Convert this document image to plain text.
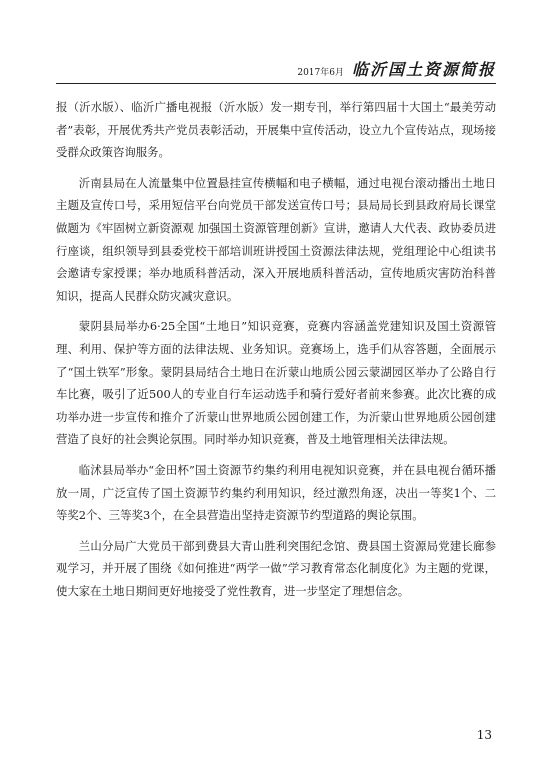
2017年6月 临沂国土资源简报

报（沂水版）、临沂广播电视报（沂水版）发一期专刊，举行第四届十大国土“最美劳动者”表彰，开展优秀共产党员表彰活动，开展集中宣传活动，设立九个宣传站点，现场接受群众政策咨询服务。

沂南县局在人流量集中位置悬挂宣传横幅和电子横幅，通过电视台滚动播出土地日主题及宣传口号，采用短信平台向党员干部发送宣传口号；县局局长到县政府局长课堂做题为《牢固树立新资源观 加强国土资源管理创新》宣讲，邀请人大代表、政协委员进行座谈，组织领导到县委党校干部培训班讲授国土资源法律法规，党组理论中心组读书会邀请专家授课；举办地质科普活动，深入开展地质科普活动，宣传地质灾害防治科普知识，提高人民群众防灾减灾意识。

蒙阴县局举办6·25全国“土地日”知识竞赛，竞赛内容涵盖党建知识及国土资源管理、利用、保护等方面的法律法规、业务知识。竞赛场上，选手们从容答题，全面展示了“国土铁军”形象。蒙阴县局结合土地日在沂蒙山地质公园云蒙湖园区举办了公路自行车比赛，吸引了近500人的专业自行车运动选手和骑行爱好者前来参赛。此次比赛的成功举办进一步宣传和推介了沂蒙山世界地质公园创建工作，为沂蒙山世界地质公园创建营造了良好的社会舆论氛围。同时举办知识竞赛，普及土地管理相关法律法规。

临沭县局举办“金田杯”国土资源节约集约利用电视知识竞赛，并在县电视台循环播放一周，广泛宣传了国土资源节约集约利用知识，经过激烈角逐，决出一等奖1个、二等奖2个、三等奖3个，在全县营造出坚持走资源节约型道路的舆论氛围。

兰山分局广大党员干部到费县大青山胜利突围纪念馆、费县国土资源局党建长廊参观学习，并开展了围绕《如何推进“两学一做”学习教育常态化制度化》为主题的党课，使大家在土地日期间更好地接受了党性教育，进一步坚定了理想信念。

13
